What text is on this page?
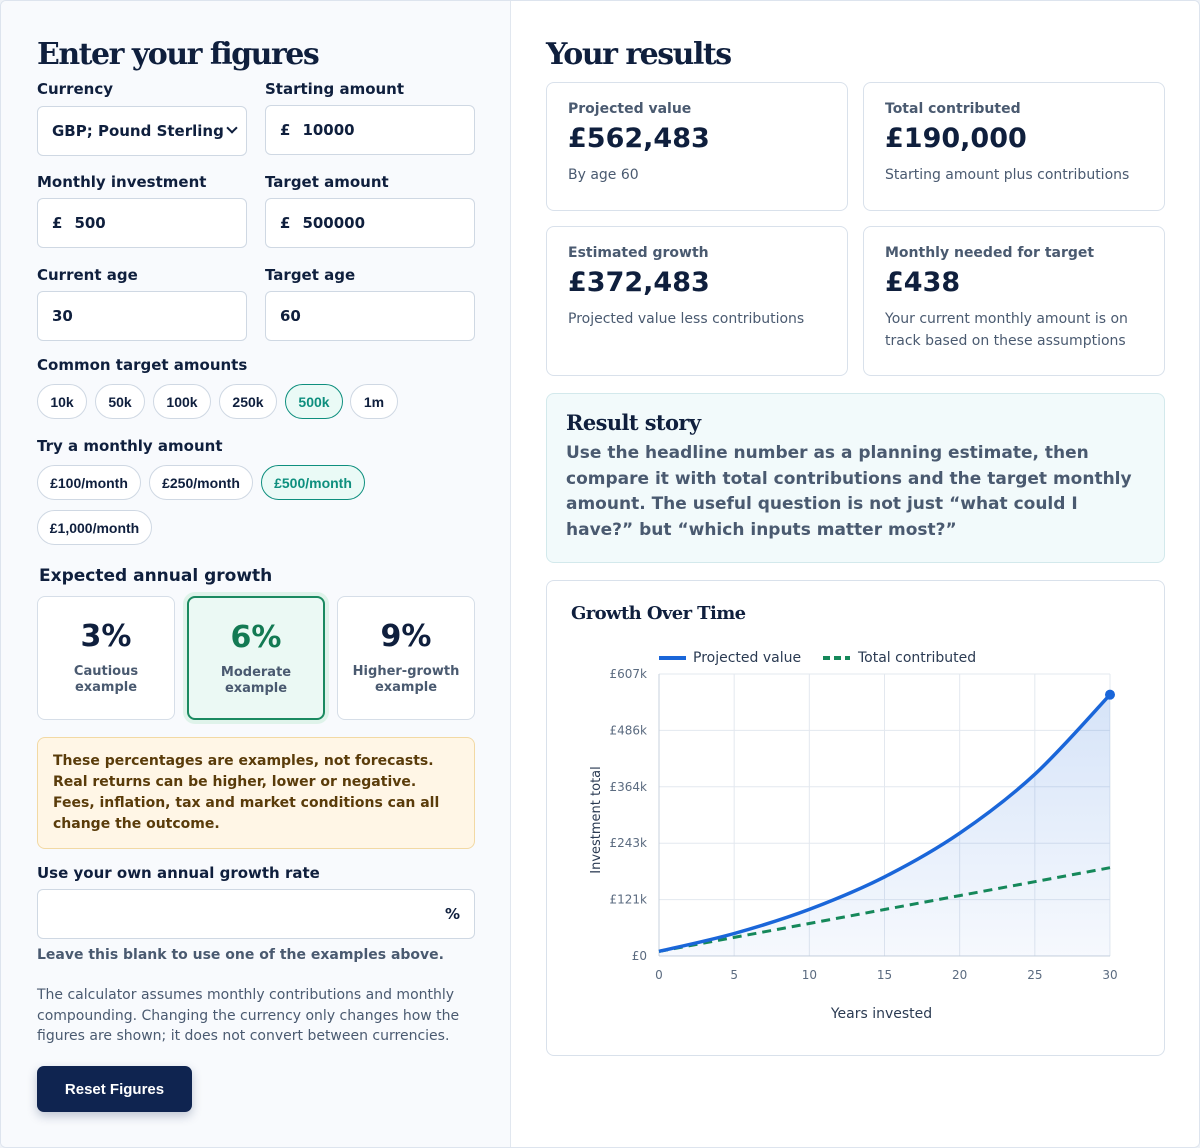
Enter your figures
Currency
GBP; Pound Sterling
Starting amount
£ 10000
Monthly investment
£ 500
Target amount
£ 500000
Current age
30
Target age
60
Common target amounts
10k	50k	100k	250k	500k	1m
Try a monthly amount
£100/month	£250/month	£500/month
£1,000/month
Expected annual growth
3%
Cautious example
6%
Moderate example
9%
Higher-growth example
These percentages are examples, not forecasts. Real returns can be higher, lower or negative. Fees, inflation, tax and market conditions can all change the outcome.
Use your own annual growth rate
%
Leave this blank to use one of the examples above.
The calculator assumes monthly contributions and monthly compounding. Changing the currency only changes how the figures are shown; it does not convert between currencies.
Reset Figures
Your results
Projected value
£562,483
By age 60
Total contributed
£190,000
Starting amount plus contributions
Estimated growth
£372,483
Projected value less contributions
Monthly needed for target
£438
Your current monthly amount is on track based on these assumptions
Result story
Use the headline number as a planning estimate, then compare it with total contributions and the target monthly amount. The useful question is not just “what could I have?” but “which inputs matter most?”
Growth Over Time
£0
£121k
£243k
£364k
£486k
£607k
0	5	10	15	20	25	30
Projected value	Total contributed
Years invested
Investment total
